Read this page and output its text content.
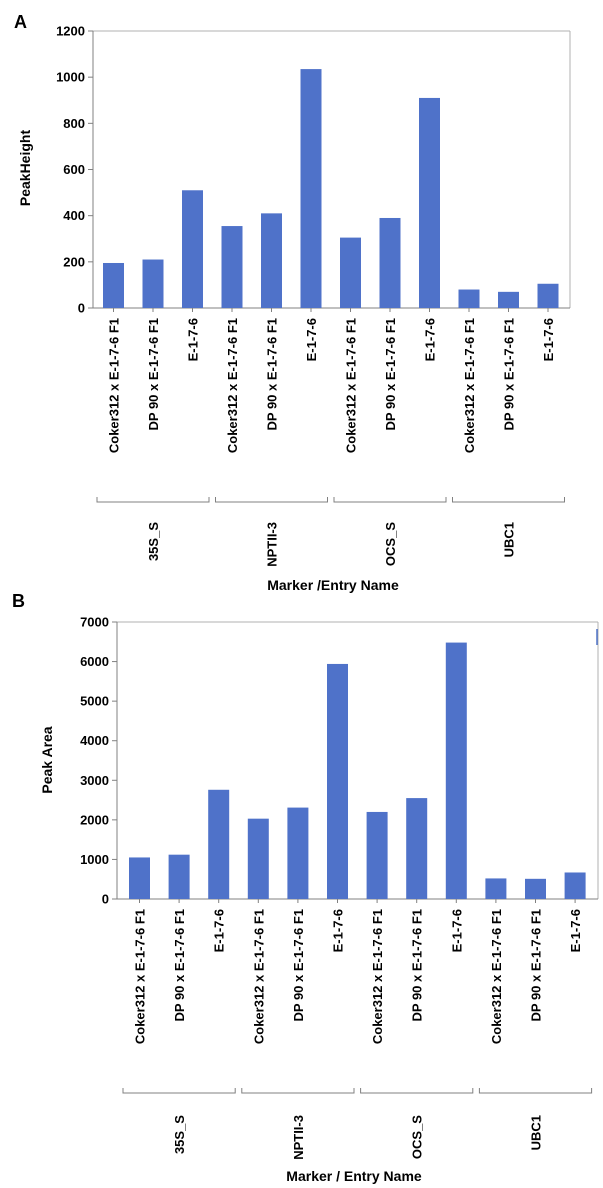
A
0
200
400
600
800
1000
1200
PeakHeight
Coker312 x E-1-7-6 F1 DP 90 x E-1-7-6 F1 E-1-7-6 Coker312 x E-1-7-6 F1 DP 90 x E-1-7-6 F1 E-1-7-6 Coker312 x E-1-7-6 F1 DP 90 x E-1-7-6 F1 E-1-7-6 Coker312 x E-1-7-6 F1 DP 90 x E-1-7-6 F1 E-1-7-6
35S_S	NPTII-3	OCS_S	UBC1
Marker /Entry Name
B
0
1000
2000
3000
4000
5000
6000
7000
Peak Area
Coker312 x E-1-7-6 F1 DP 90 x E-1-7-6 F1 E-1-7-6 Coker312 x E-1-7-6 F1 DP 90 x E-1-7-6 F1 E-1-7-6 Coker312 x E-1-7-6 F1 DP 90 x E-1-7-6 F1 E-1-7-6 Coker312 x E-1-7-6 F1 DP 90 x E-1-7-6 F1 E-1-7-6
35S_S	NPTII-3	OCS_S	UBC1
Marker / Entry Name
